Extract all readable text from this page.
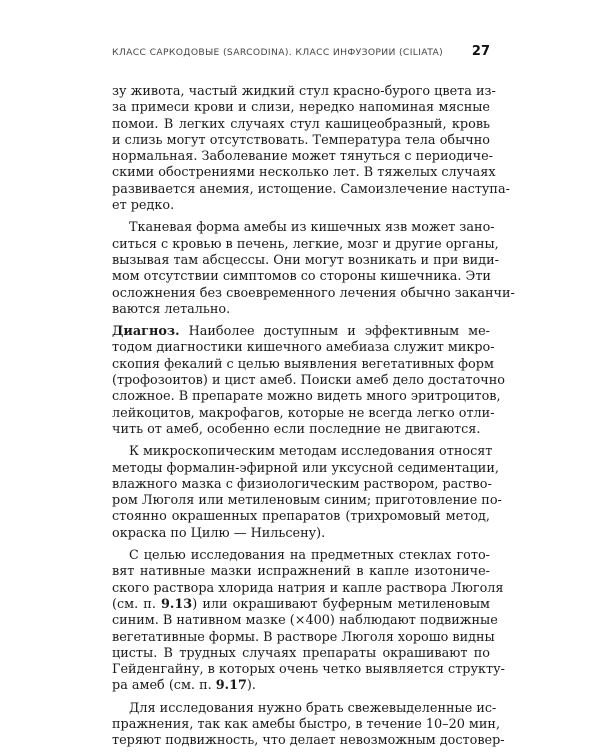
КЛАСС САРКОДОВЫЕ (SARCODINA). КЛАСС ИНФУЗОРИИ (CILIATA) 27
зу живота, частый жидкий стул красно-бурого цвета из-
за примеси крови и слизи, нередко напоминая мясные
помои. В легких случаях стул кашицеобразный, кровь
и слизь могут отсутствовать. Температура тела обычно
нормальная. Заболевание может тянуться с периодиче-
скими обострениями несколько лет. В тяжелых случаях
развивается анемия, истощение. Самоизлечение наступа-
ет редко.
Тканевая форма амебы из кишечных язв может зано-
ситься с кровью в печень, легкие, мозг и другие органы,
вызывая там абсцессы. Они могут возникать и при види-
мом отсутствии симптомов со стороны кишечника. Эти
осложнения без своевременного лечения обычно заканчи-
ваются летально.
Диагноз. Наиболее доступным и эффективным ме-
тодом диагностики кишечного амебиаза служит микро-
скопия фекалий с целью выявления вегетативных форм
(трофозоитов) и цист амеб. Поиски амеб дело достаточно
сложное. В препарате можно видеть много эритроцитов,
лейкоцитов, макрофагов, которые не всегда легко отли-
чить от амеб, особенно если последние не двигаются.
К микроскопическим методам исследования относят
методы формалин-эфирной или уксусной седиментации,
влажного мазка с физиологическим раствором, раство-
ром Люголя или метиленовым синим; приготовление по-
стоянно окрашенных препаратов (трихромовый метод,
окраска по Цилю — Нильсену).
С целью исследования на предметных стеклах гото-
вят нативные мазки испражнений в капле изотониче-
ского раствора хлорида натрия и капле раствора Люголя
(см. п. 9.13) или окрашивают буферным метиленовым
синим. В нативном мазке (×400) наблюдают подвижные
вегетативные формы. В растворе Люголя хорошо видны
цисты. В трудных случаях препараты окрашивают по
Гейденгайну, в которых очень четко выявляется структу-
ра амеб (см. п. 9.17).
Для исследования нужно брать свежевыделенные ис-
пражнения, так как амебы быстро, в течение 10–20 мин,
теряют подвижность, что делает невозможным достовер-
